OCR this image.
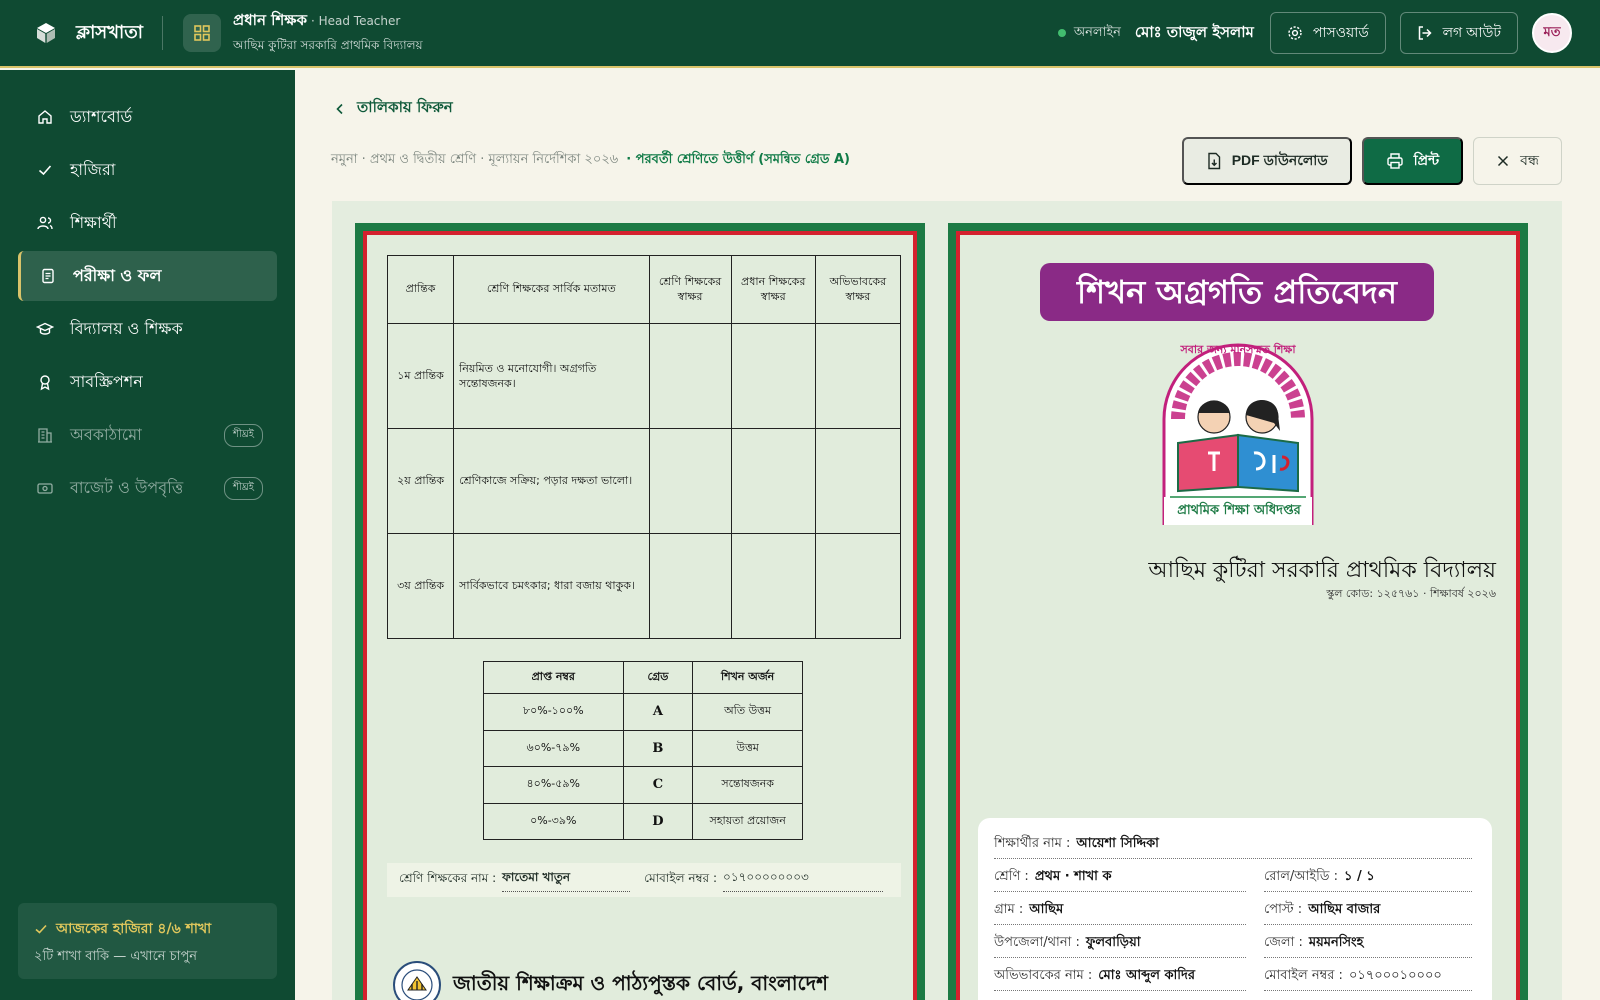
ক্লাসখাতা
প্রধান শিক্ষক · Head Teacher
আছিম কুটিরা সরকারি প্রাথমিক বিদ্যালয়
অনলাইন মোঃ তাজুল ইসলাম	পাসওয়ার্ড	লগ আউট	মত
ড্যাশবোর্ড
হাজিরা
শিক্ষার্থী
পরীক্ষা ও ফল
বিদ্যালয় ও শিক্ষক
সাবস্ক্রিপশন
অবকাঠামো	শীঘ্রই
বাজেট ও উপবৃত্তি	শীঘ্রই
আজকের হাজিরা ৪/৬ শাখা
২টি শাখা বাকি — এখানে চাপুন
তালিকায় ফিরুন
নমুনা · প্রথম ও দ্বিতীয় শ্রেণি · মূল্যায়ন নির্দেশিকা ২০২৬ · পরবর্তী শ্রেণিতে উত্তীর্ণ (সমন্বিত গ্রেড A)	PDF ডাউনলোড	প্রিন্ট	বন্ধ
প্রান্তিক	শ্রেণি শিক্ষকের সার্বিক মতামত	শ্রেণি শিক্ষকের স্বাক্ষর	প্রধান শিক্ষকের স্বাক্ষর	অভিভাবকের স্বাক্ষর
১ম প্রান্তিক	নিয়মিত ও মনোযোগী। অগ্রগতি সন্তোষজনক।			
২য় প্রান্তিক	শ্রেণিকাজে সক্রিয়; পড়ার দক্ষতা ভালো।			
৩য় প্রান্তিক	সার্বিকভাবে চমৎকার; ধারা বজায় থাকুক।			
প্রাপ্ত নম্বর	গ্রেড	শিখন অর্জন
৮০%-১০০%	A	অতি উত্তম
৬০%-৭৯%	B	উত্তম
৪০%-৫৯%	C	সন্তোষজনক
০%-৩৯%	D	সহায়তা প্রয়োজন
শ্রেণি শিক্ষকের নাম : ফাতেমা খাতুন	মোবাইল নম্বর : ০১৭০০০০০০০৩
জাতীয় শিক্ষাক্রম ও পাঠ্যপুস্তক বোর্ড, বাংলাদেশ
শিখন অগ্রগতি প্রতিবেদন
প্রাথমিক শিক্ষা অধিদপ্তর
সবার জন্য মানসম্মত শিক্ষা
আছিম কুটিরা সরকারি প্রাথমিক বিদ্যালয়
স্কুল কোড: ১২৫৭৬১ · শিক্ষাবর্ষ ২০২৬
শিক্ষার্থীর নাম : আয়েশা সিদ্দিকা
শ্রেণি : প্রথম · শাখা ক	রোল/আইডি : ১ / ১
গ্রাম : আছিম	পোস্ট : আছিম বাজার
উপজেলা/থানা : ফুলবাড়িয়া	জেলা : ময়মনসিংহ
অভিভাবকের নাম : মোঃ আব্দুল কাদির	মোবাইল নম্বর : ০১৭০০০১০০০০
